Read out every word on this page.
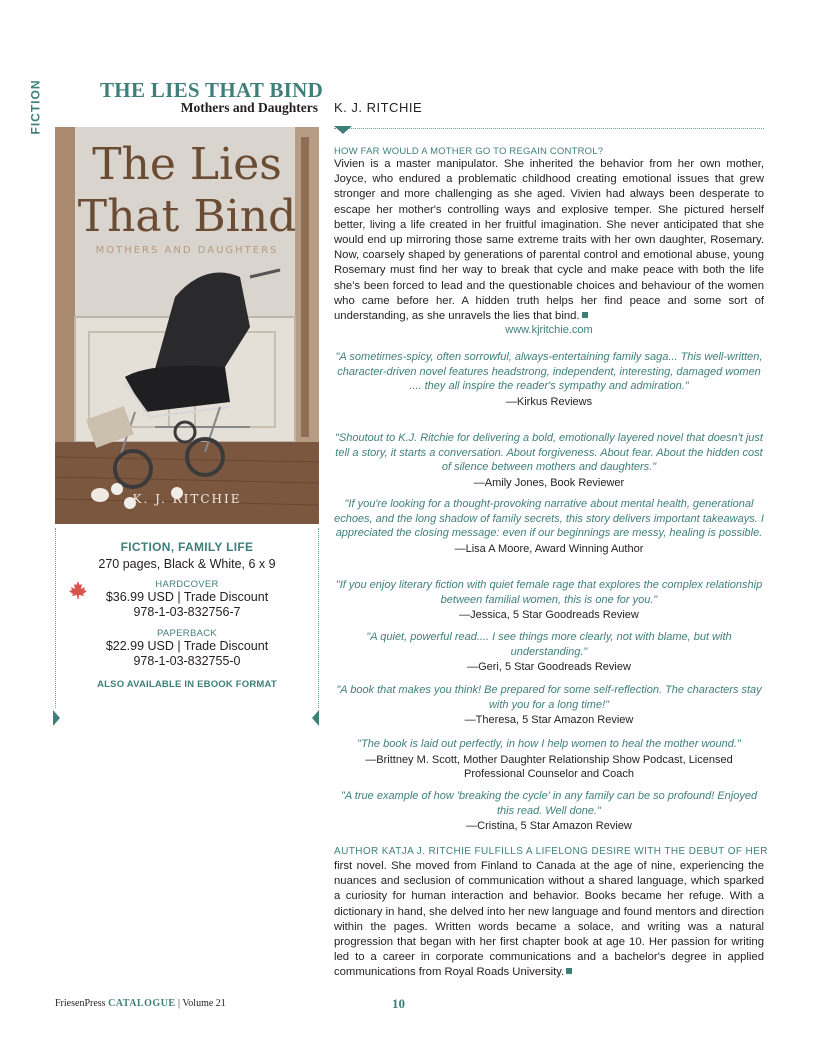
FICTION	THE LIES THAT BIND
Mothers and Daughters K. J. RITCHIE
The Lies
That Bind
MOTHERS AND DAUGHTERS
K. J. RITCHIE
FICTION, FAMILY LIFE
270 pages, Black & White, 6 x 9
HARDCOVER
$36.99 USD | Trade Discount
978-1-03-832756-7
PAPERBACK
$22.99 USD | Trade Discount
978-1-03-832755-0
ALSO AVAILABLE IN EBOOK FORMAT
HOW FAR WOULD A MOTHER GO TO REGAIN CONTROL?
Vivien is a master manipulator. She inherited the behavior from her own mother, Joyce, who endured a problematic childhood creating emotional issues that grew stronger and more challenging as she aged. Vivien had always been desperate to escape her mother's controlling ways and explosive temper. She pictured herself better, living a life created in her fruitful imagination. She never anticipated that she would end up mirroring those same extreme traits with her own daughter, Rosemary. Now, coarsely shaped by generations of parental control and emotional abuse, young Rosemary must find her way to break that cycle and make peace with both the life she's been forced to lead and the questionable choices and behaviour of the women who came before her. A hidden truth helps her find peace and some sort of understanding, as she unravels the lies that bind.
www.kjritchie.com
"A sometimes-spicy, often sorrowful, always-entertaining family saga... This well-written, character-driven novel features headstrong, independent, interesting, damaged women .... they all inspire the reader's sympathy and admiration."
—Kirkus Reviews
"Shoutout to K.J. Ritchie for delivering a bold, emotionally layered novel that doesn't just tell a story, it starts a conversation. About forgiveness. About fear. About the hidden cost of silence between mothers and daughters."
—Amily Jones, Book Reviewer
"If you're looking for a thought-provoking narrative about mental health, generational echoes, and the long shadow of family secrets, this story delivers important takeaways. I appreciated the closing message: even if our beginnings are messy, healing is possible.
—Lisa A Moore, Award Winning Author
"If you enjoy literary fiction with quiet female rage that explores the complex relationship between familial women, this is one for you."
—Jessica, 5 Star Goodreads Review
"A quiet, powerful read.... I see things more clearly, not with blame, but with understanding."
—Geri, 5 Star Goodreads Review
"A book that makes you think! Be prepared for some self-reflection. The characters stay with you for a long time!"
—Theresa, 5 Star Amazon Review
"The book is laid out perfectly, in how I help women to heal the mother wound."
—Brittney M. Scott, Mother Daughter Relationship Show Podcast, Licensed Professional Counselor and Coach
"A true example of how 'breaking the cycle' in any family can be so profound! Enjoyed this read. Well done."
—Cristina, 5 Star Amazon Review
AUTHOR KATJA J. RITCHIE FULFILLS A LIFELONG DESIRE WITH THE DEBUT OF HER
first novel. She moved from Finland to Canada at the age of nine, experiencing the nuances and seclusion of communication without a shared language, which sparked a curiosity for human interaction and behavior. Books became her refuge. With a dictionary in hand, she delved into her new language and found mentors and direction within the pages. Written words became a solace, and writing was a natural progression that began with her first chapter book at age 10. Her passion for writing led to a career in corporate communications and a bachelor's degree in applied communications from Royal Roads University.
FriesenPress CATALOGUE | Volume 21	10
